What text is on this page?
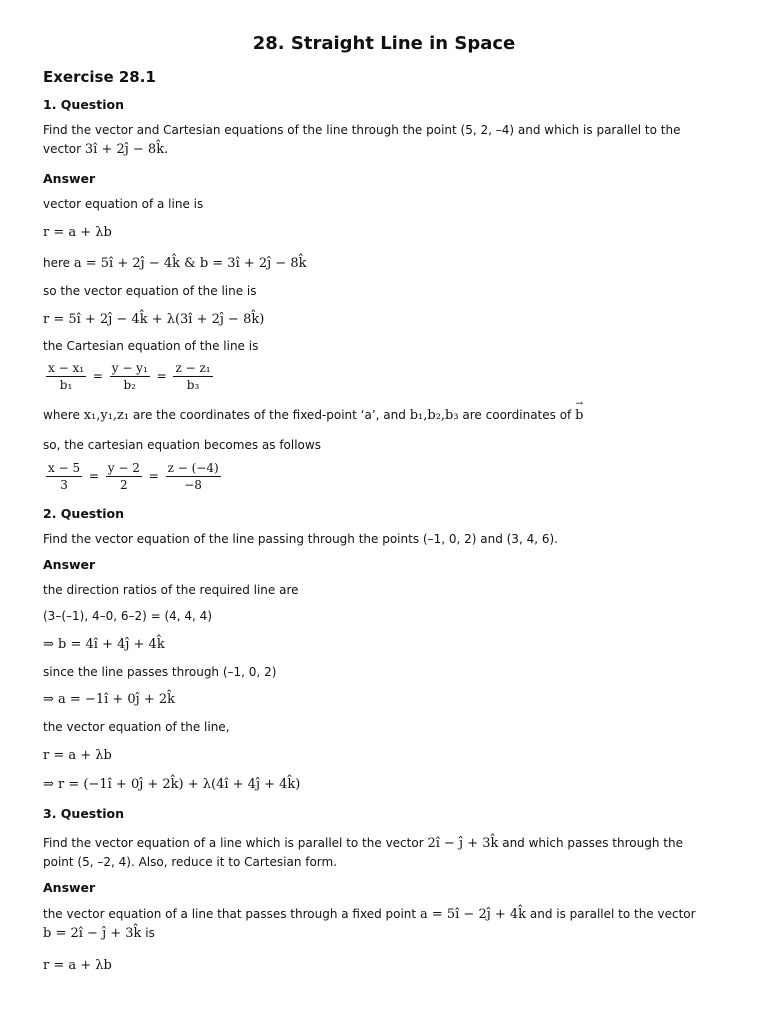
28. Straight Line in Space
Exercise 28.1
1. Question
Find the vector and Cartesian equations of the line through the point (5, 2, –4) and which is parallel to the
vector 3î + 2ĵ − 8k̂.
Answer
vector equation of a line is
r = a + λb
here a = 5î + 2ĵ − 4k̂ & b = 3î + 2ĵ − 8k̂
so the vector equation of the line is
r = 5î + 2ĵ − 4k̂ + λ(3î + 2ĵ − 8k̂)
the Cartesian equation of the line is
$\frac{\text{x − x₁}}{\text{b₁}} = \frac{\text{y − y₁}}{\text{b₂}} = \frac{\text{z − z₁}}{\text{b₃}}$
where x₁,y₁,z₁ are the coordinates of the fixed-point ‘a’, and b₁,b₂,b₃ are coordinates of b →
so, the cartesian equation becomes as follows
$\frac{x - 5}{3} = \frac{y - 2}{2} = \frac{z - (-4)}{-8}$
2. Question
Find the vector equation of the line passing through the points (–1, 0, 2) and (3, 4, 6).
Answer
the direction ratios of the required line are
(3–(–1), 4–0, 6–2) = (4, 4, 4)
⇒ b = 4î + 4ĵ + 4k̂
since the line passes through (–1, 0, 2)
⇒ a = −1î + 0ĵ + 2k̂
the vector equation of the line,
r = a + λb
⇒ r = (−1î + 0ĵ + 2k̂) + λ(4î + 4ĵ + 4k̂)
3. Question
Find the vector equation of a line which is parallel to the vector 2î − ĵ + 3k̂ and which passes through the
point (5, –2, 4). Also, reduce it to Cartesian form.
Answer
the vector equation of a line that passes through a fixed point a = 5î − 2ĵ + 4k̂ and is parallel to the vector
b = 2î − ĵ + 3k̂ is
r = a + λb
